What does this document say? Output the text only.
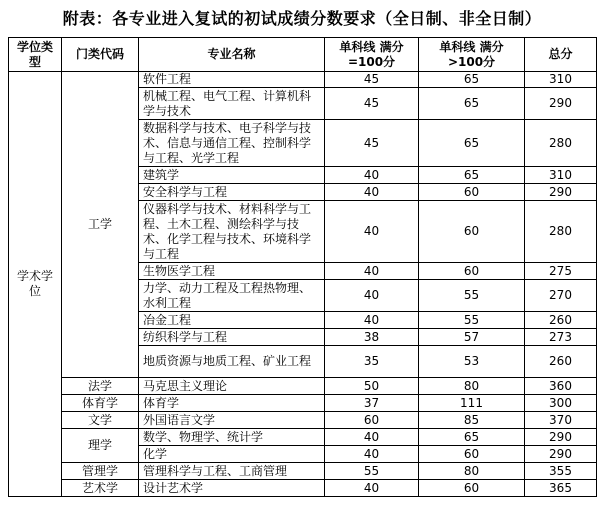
附表：各专业进入复试的初试成绩分数要求（全日制、非全日制）
学位类型	门类代码	专业名称	单科线 满分=100分	单科线 满分>100分	总分
学术学位	工学	软件工程	45	65	310
		机械工程、电气工程、计算机科学与技术	45	65	290
		数据科学与技术、电子科学与技术、信息与通信工程、控制科学与工程、光学工程	45	65	280
		建筑学	40	65	310
		安全科学与工程	40	60	290
		仪器科学与技术、材料科学与工程、土木工程、测绘科学与技术、化学工程与技术、环境科学与工程	40	60	280
		生物医学工程	40	60	275
		力学、动力工程及工程热物理、水利工程	40	55	270
		冶金工程	40	55	260
		纺织科学与工程	38	57	273
		地质资源与地质工程、矿业工程	35	53	260
	法学	马克思主义理论	50	80	360
	体育学	体育学	37	111	300
	文学	外国语言文学	60	85	370
	理学	数学、物理学、统计学	40	65	290
		化学	40	60	290
	管理学	管理科学与工程、工商管理	55	80	355
	艺术学	设计艺术学	40	60	365
